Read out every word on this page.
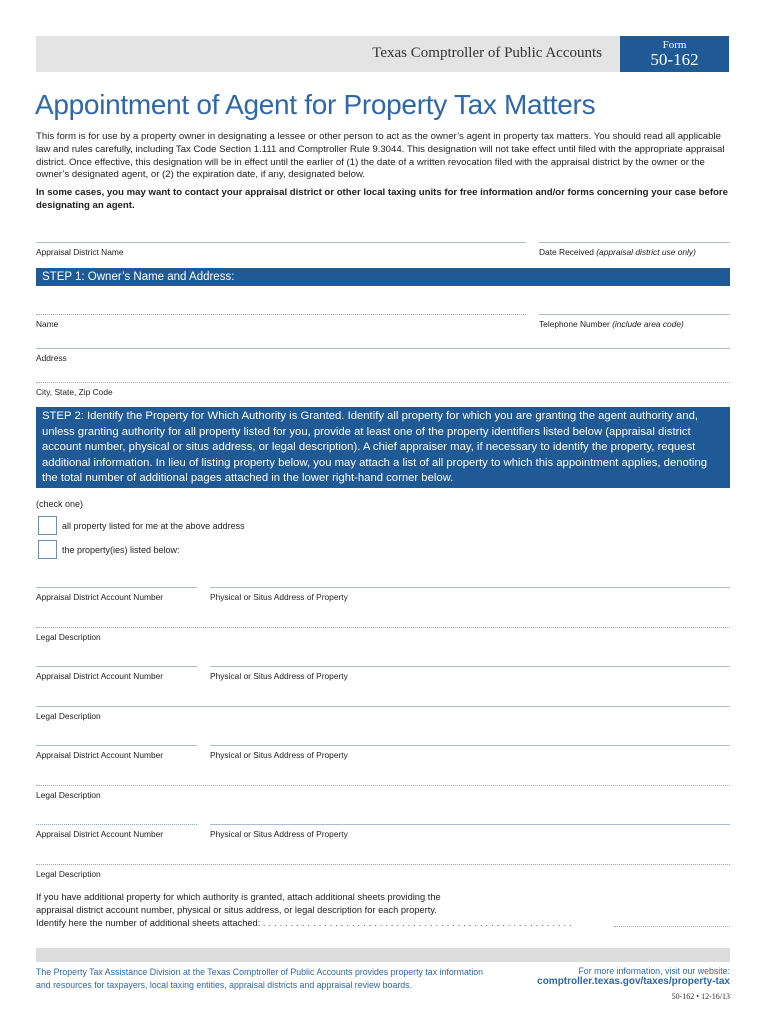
Texas Comptroller of Public Accounts	Form
50-162
Appointment of Agent for Property Tax Matters
This form is for use by a property owner in designating a lessee or other person to act as the owner’s agent in property tax matters. You should read all applicable law and rules carefully, including Tax Code Section 1.111 and Comptroller Rule 9.3044. This designation will not take effect until filed with the appropriate appraisal district. Once effective, this designation will be in effect until the earlier of (1) the date of a written revocation filed with the appraisal district by the owner or the owner’s designated agent, or (2) the expiration date, if any, designated below.
In some cases, you may want to contact your appraisal district or other local taxing units for free information and/or forms concerning your case before designating an agent.
Appraisal District Name	Date Received (appraisal district use only)
STEP 1: Owner’s Name and Address:
Name	Telephone Number (include area code)
Address
City, State, Zip Code
STEP 2: Identify the Property for Which Authority is Granted. Identify all property for which you are granting the agent authority and, unless granting authority for all property listed for you, provide at least one of the property identifiers listed below (appraisal district account number, physical or situs address, or legal description). A chief appraiser may, if necessary to identify the property, request additional information. In lieu of listing property below, you may attach a list of all property to which this appointment applies, denoting the total number of additional pages attached in the lower right-hand corner below.
(check one)
all property listed for me at the above address
the property(ies) listed below:
Appraisal District Account Number	Physical or Situs Address of Property
Legal Description
Appraisal District Account Number	Physical or Situs Address of Property
Legal Description
Appraisal District Account Number	Physical or Situs Address of Property
Legal Description
Appraisal District Account Number	Physical or Situs Address of Property
Legal Description
If you have additional property for which authority is granted, attach additional sheets providing the
appraisal district account number, physical or situs address, or legal description for each property.
Identify here the number of additional sheets attached: . . . . . . . . . . . . . . . . . . . . . . . . . . . . . . . . . . . . . . . . . . . . . . . . . . . . . . . .
The Property Tax Assistance Division at the Texas Comptroller of Public Accounts provides property tax information and resources for taxpayers, local taxing entities, appraisal districts and appraisal review boards.
For more information, visit our website:
comptroller.texas.gov/taxes/property-tax
50-162 • 12-16/13
